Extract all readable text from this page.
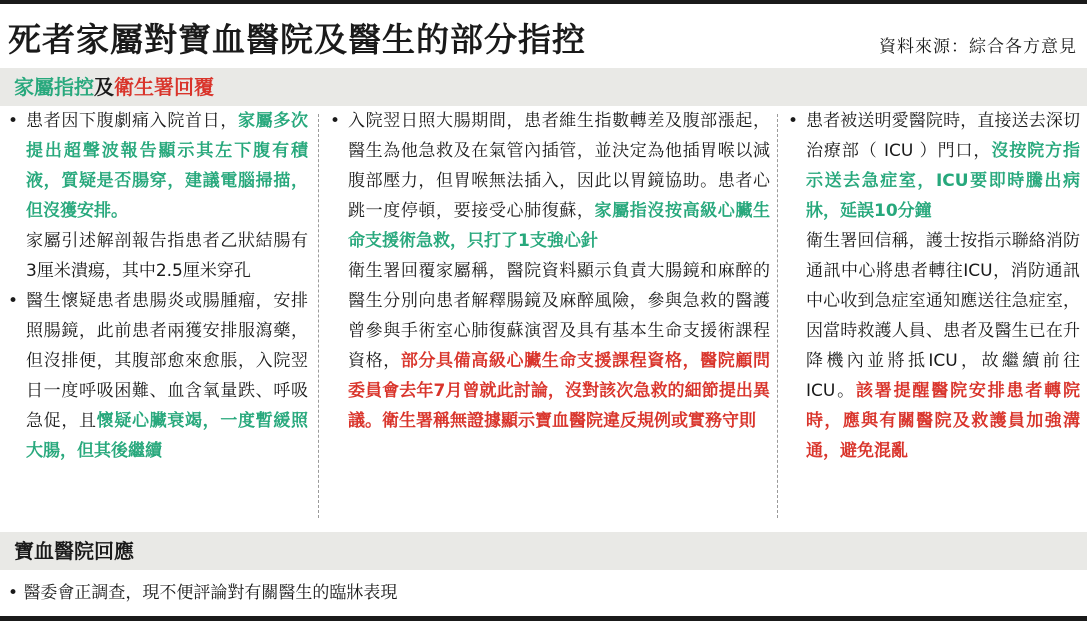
死者家屬對寶血醫院及醫生的部分指控	資料來源：綜合各方意見
家屬指控及衛生署回覆

• 患者因下腹劇痛入院首日，家屬多次提出超聲波報告顯示其左下腹有積液，質疑是否腸穿，建議電腦掃描，但沒獲安排。

家屬引述解剖報告指患者乙狀結腸有3厘米潰瘍，其中2.5厘米穿孔

• 醫生懷疑患者患腸炎或腸腫瘤，安排照腸鏡，此前患者兩獲安排服瀉藥，但沒排便，其腹部愈來愈脹，入院翌日一度呼吸困難、血含氧量跌、呼吸急促，且懷疑心臟衰竭，一度暫緩照大腸，但其後繼續

• 入院翌日照大腸期間，患者維生指數轉差及腹部漲起，醫生為他急救及在氣管內插管，並決定為他插胃喉以減腹部壓力，但胃喉無法插入，因此以胃鏡協助。患者心跳一度停頓，要接受心肺復蘇，家屬指沒按高級心臟生命支援術急救，只打了1支強心針

衛生署回覆家屬稱，醫院資料顯示負責大腸鏡和麻醉的醫生分別向患者解釋腸鏡及麻醉風險，參與急救的醫護曾參與手術室心肺復蘇演習及具有基本生命支援術課程資格，部分具備高級心臟生命支援課程資格，醫院顧問委員會去年7月曾就此討論，沒對該次急救的細節提出異議。衛生署稱無證據顯示寶血醫院違反規例或實務守則

• 患者被送明愛醫院時，直接送去深切治療部（ ICU ）門口，沒按院方指示送去急症室，ICU要即時騰出病牀，延誤10分鐘

衛生署回信稱，護士按指示聯絡消防通訊中心將患者轉往ICU，消防通訊中心收到急症室通知應送往急症室，因當時救護人員、患者及醫生已在升降機內並將抵ICU，故繼續前往ICU。該署提醒醫院安排患者轉院時，應與有關醫院及救護員加強溝通，避免混亂

寶血醫院回應
• 醫委會正調查，現不便評論對有關醫生的臨牀表現
